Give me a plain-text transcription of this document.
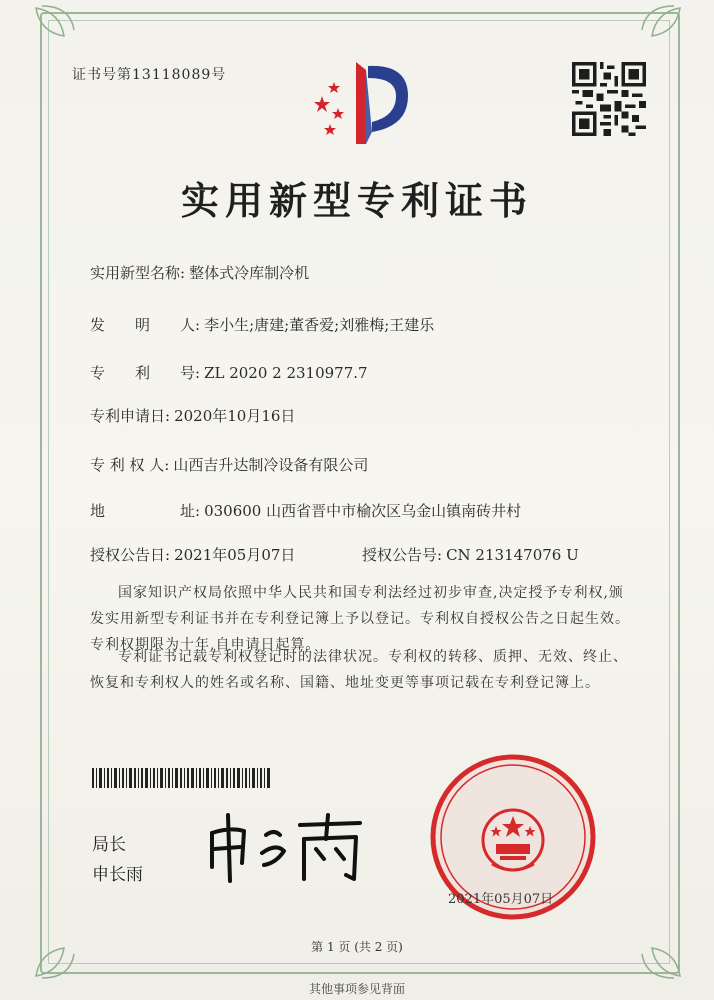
证书号第13118089号
实用新型专利证书
实用新型名称: 整体式冷库制冷机
发　　明　　人: 李小生;唐建;董香爱;刘雅梅;王建乐
专　　利　　号: ZL 2020 2 2310977.7
专利申请日: 2020年10月16日
专 利 权 人: 山西吉升达制冷设备有限公司
地　　　　　址: 030600 山西省晋中市榆次区乌金山镇南砖井村
授权公告日: 2021年05月07日	授权公告号: CN 213147076 U
国家知识产权局依照中华人民共和国专利法经过初步审查,决定授予专利权,颁发实用新型专利证书并在专利登记簿上予以登记。专利权自授权公告之日起生效。专利权期限为十年,自申请日起算。
专利证书记载专利权登记时的法律状况。专利权的转移、质押、无效、终止、恢复和专利权人的姓名或名称、国籍、地址变更等事项记载在专利登记簿上。
局长
申长雨
2021年05月07日
第 1 页 (共 2 页)
其他事项参见背面
